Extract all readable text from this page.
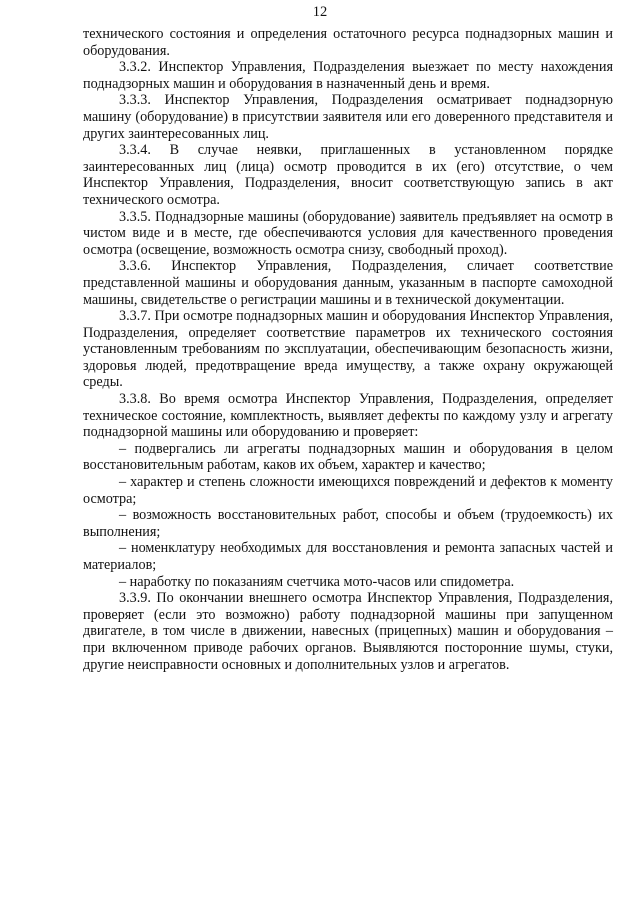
12

технического состояния и определения остаточного ресурса поднадзорных машин и оборудования.

3.3.2. Инспектор Управления, Подразделения выезжает по месту нахождения поднадзорных машин и оборудования в назначенный день и время.

3.3.3. Инспектор Управления, Подразделения осматривает поднадзорную машину (оборудование) в присутствии заявителя или его доверенного представителя и других заинтересованных лиц.

3.3.4. В случае неявки, приглашенных в установленном порядке заинтересованных лиц (лица) осмотр проводится в их (его) отсутствие, о чем Инспектор Управления, Подразделения, вносит соответствующую запись в акт технического осмотра.

3.3.5. Поднадзорные машины (оборудование) заявитель предъявляет на осмотр в чистом виде и в месте, где обеспечиваются условия для качественного проведения осмотра (освещение, возможность осмотра снизу, свободный проход).

3.3.6. Инспектор Управления, Подразделения, сличает соответствие представленной машины и оборудования данным, указанным в паспорте самоходной машины, свидетельстве о регистрации машины и в технической документации.

3.3.7. При осмотре поднадзорных машин и оборудования Инспектор Управления, Подразделения, определяет соответствие параметров их технического состояния установленным требованиям по эксплуатации, обеспечивающим безопасность жизни, здоровья людей, предотвращение вреда имуществу, а также охрану окружающей среды.

3.3.8. Во время осмотра Инспектор Управления, Подразделения, определяет техническое состояние, комплектность, выявляет дефекты по каждому узлу и агрегату поднадзорной машины или оборудованию и проверяет:

– подвергались ли агрегаты поднадзорных машин и оборудования в целом восстановительным работам, каков их объем, характер и качество;

– характер и степень сложности имеющихся повреждений и дефектов к моменту осмотра;

– возможность восстановительных работ, способы и объем (трудоемкость) их выполнения;

– номенклатуру необходимых для восстановления и ремонта запасных частей и материалов;

– наработку по показаниям счетчика мото-часов или спидометра.

3.3.9. По окончании внешнего осмотра Инспектор Управления, Подразделения, проверяет (если это возможно) работу поднадзорной машины при запущенном двигателе, в том числе в движении, навесных (прицепных) машин и оборудования – при включенном приводе рабочих органов. Выявляются посторонние шумы, стуки, другие неисправности основных и дополнительных узлов и агрегатов.
